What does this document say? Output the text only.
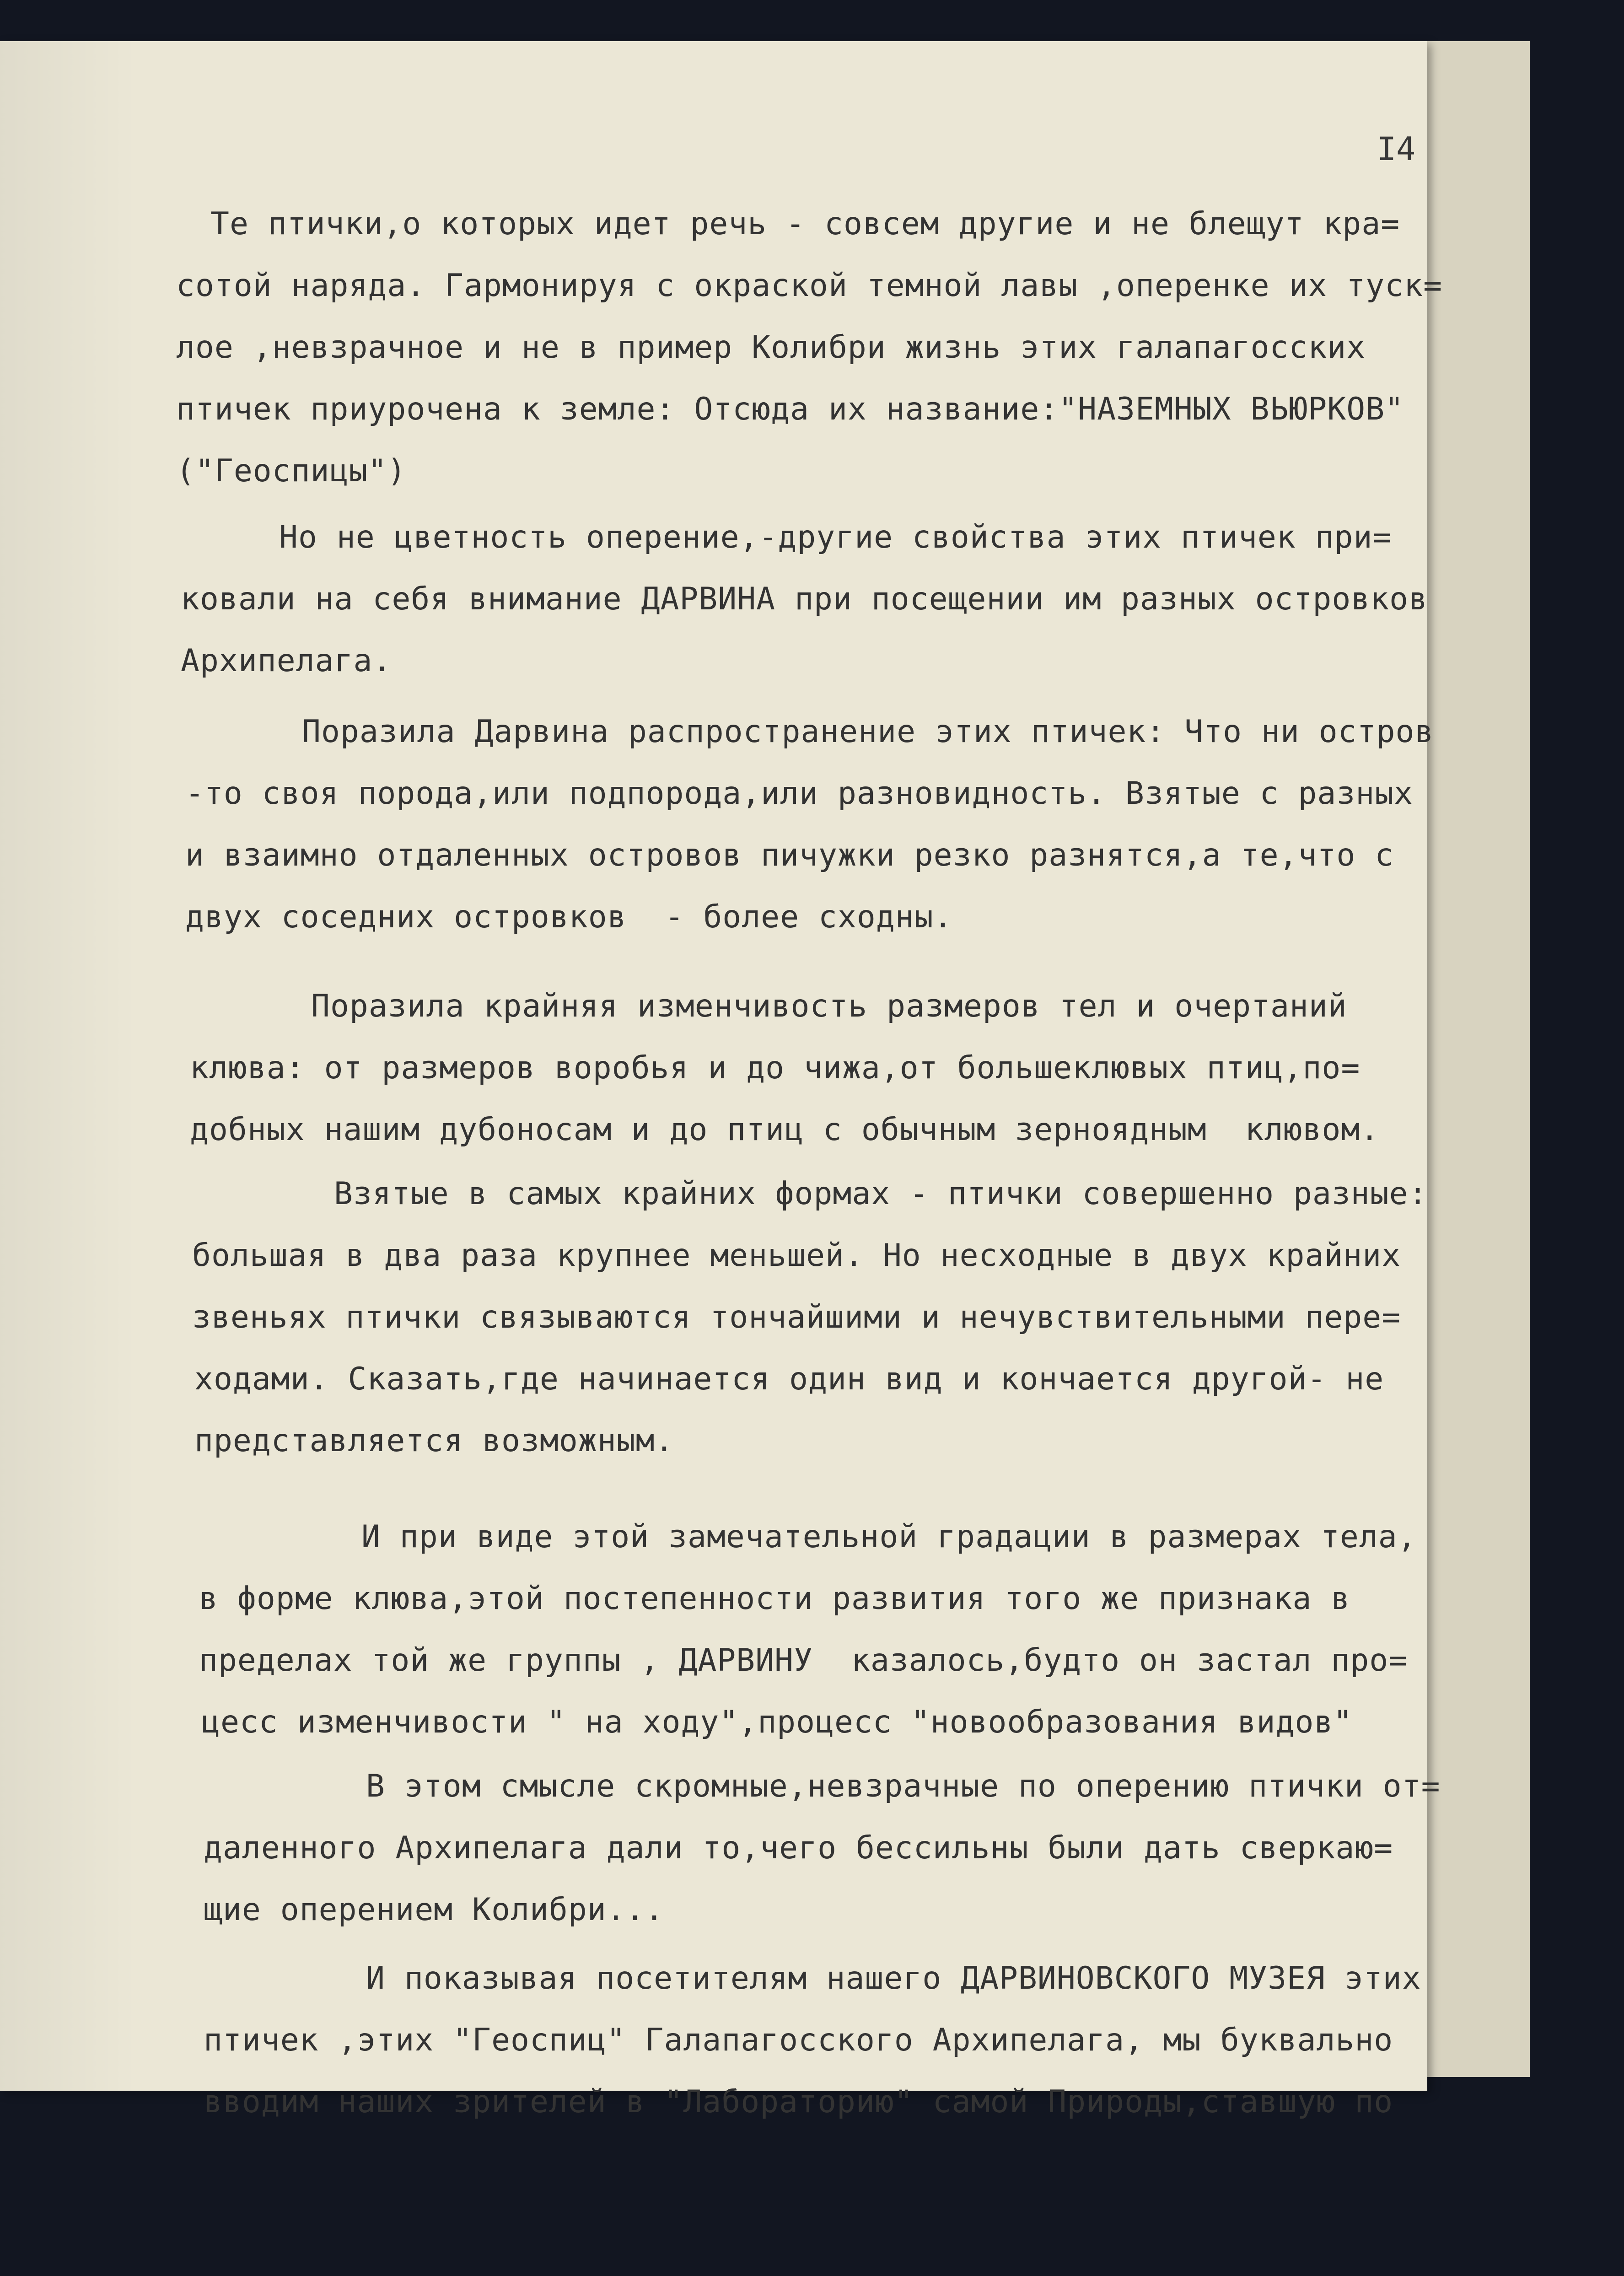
I4
Те птички,о которых идет речь - совсем другие и не блещут кра=
сотой наряда. Гармонируя с окраской темной лавы ,оперенке их туск=
лое ,невзрачное и не в пример Колибри жизнь этих галапагосских
птичек приурочена к земле: Отсюда их название:"НАЗЕМНЫХ ВЬЮРКОВ"
("Геоспицы")
Но не цветность оперение,-другие свойства этих птичек при=
ковали на себя внимание ДАРВИНА при посещении им разных островков
Архипелага.
Поразила Дарвина распространение этих птичек: Что ни остров
-то своя порода,или подпорода,или разновидность. Взятые с разных
и взаимно отдаленных островов пичужки резко разнятся,а те,что с
двух соседних островков  - более сходны.
Поразила крайняя изменчивость размеров тел и очертаний
клюва: от размеров воробья и до чижа,от большеклювых птиц,по=
добных нашим дубоносам и до птиц с обычным зерноядным  клювом.
Взятые в самых крайних формах - птички совершенно разные:
большая в два раза крупнее меньшей. Но несходные в двух крайних
звеньях птички связываются тончайшими и нечувствительными пере=
ходами. Сказать,где начинается один вид и кончается другой- не
представляется возможным.
И при виде этой замечательной градации в размерах тела,
в форме клюва,этой постепенности развития того же признака в
пределах той же группы , ДАРВИНУ  казалось,будто он застал про=
цесс изменчивости " на ходу",процесс "новообразования видов"
В этом смысле скромные,невзрачные по оперению птички от=
даленного Архипелага дали то,чего бессильны были дать сверкаю=
щие оперением Колибри...
И показывая посетителям нашего ДАРВИНОВСКОГО МУЗЕЯ этих
птичек ,этих "Геоспиц" Галапагосского Архипелага, мы буквально
вводим наших зрителей в "Лабораторию" самой Природы,ставшую по
